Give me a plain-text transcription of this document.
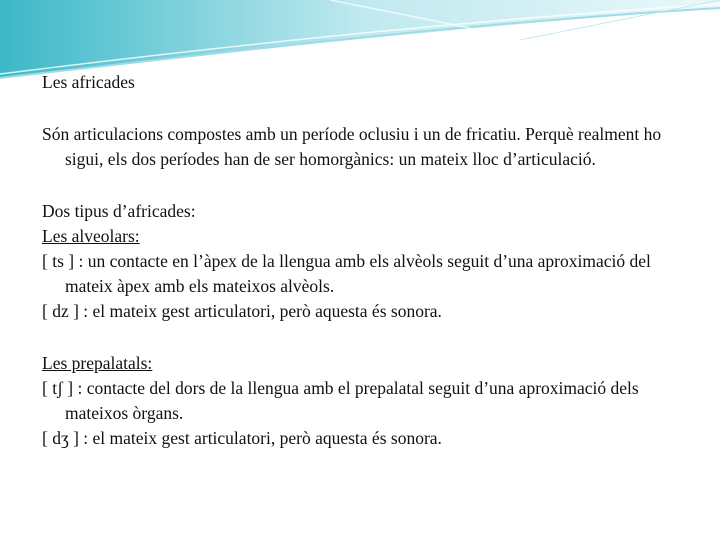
Les africades

Són articulacions compostes amb un període oclusiu i un de fricatiu. Perquè realment ho sigui, els dos períodes han de ser homorgànics: un mateix lloc d’articulació.

Dos tipus d’africades:

Les alveolars:

[ ts ] : un contacte en l’àpex de la llengua amb els alvèols seguit d’una aproximació del mateix àpex amb els mateixos alvèols.

[ dz ] : el mateix gest articulatori, però aquesta és sonora.

Les prepalatals:

[ tʃ ] : contacte del dors de la llengua amb el prepalatal seguit d’una aproximació dels mateixos òrgans.

[ dʒ ] : el mateix gest articulatori, però aquesta és sonora.
